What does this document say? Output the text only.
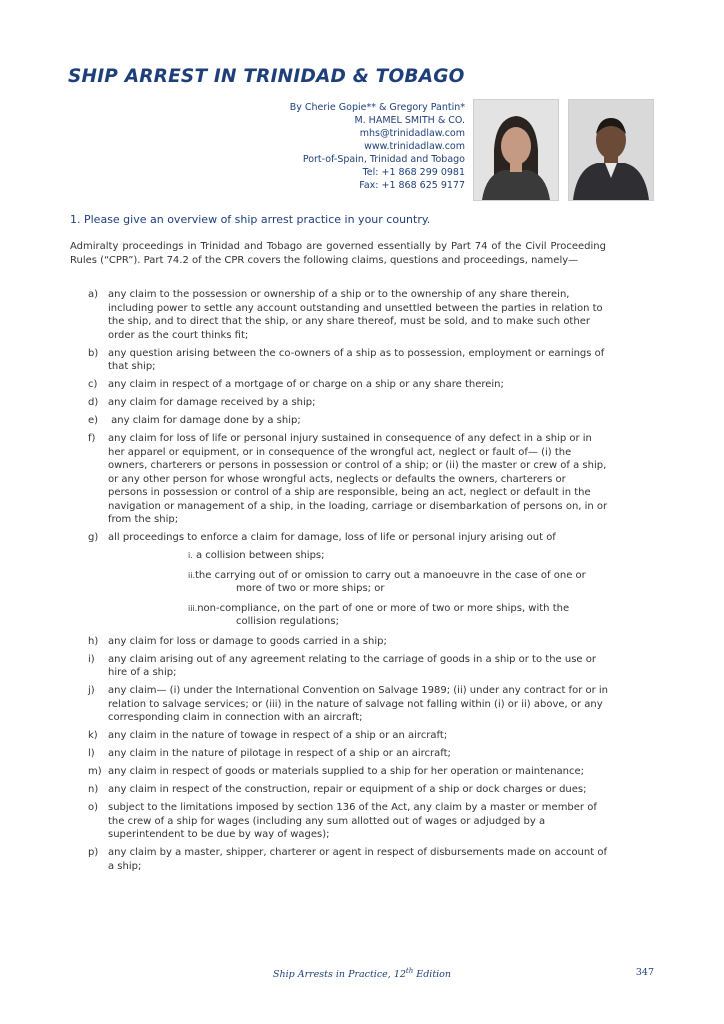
SHIP ARREST IN TRINIDAD & TOBAGO
By Cherie Gopie** & Gregory Pantin*
M. HAMEL SMITH & CO.
mhs@trinidadlaw.com
www.trinidadlaw.com
Port-of-Spain, Trinidad and Tobago
Tel: +1 868 299 0981
Fax: +1 868 625 9177
1. Please give an overview of ship arrest practice in your country.
Admiralty proceedings in Trinidad and Tobago are governed essentially by Part 74 of the Civil Proceeding Rules (“CPR”). Part 74.2 of the CPR covers the following claims, questions and proceedings, namely—
a) any claim to the possession or ownership of a ship or to the ownership of any share therein, including power to settle any account outstanding and unsettled between the parties in relation to the ship, and to direct that the ship, or any share thereof, must be sold, and to make such other order as the court thinks fit;
b) any question arising between the co-owners of a ship as to possession, employment or earnings of that ship;
c) any claim in respect of a mortgage of or charge on a ship or any share therein;
d) any claim for damage received by a ship;
e) any claim for damage done by a ship;
f) any claim for loss of life or personal injury sustained in consequence of any defect in a ship or in her apparel or equipment, or in consequence of the wrongful act, neglect or fault of— (i) the owners, charterers or persons in possession or control of a ship; or (ii) the master or crew of a ship, or any other person for whose wrongful acts, neglects or defaults the owners, charterers or persons in possession or control of a ship are responsible, being an act, neglect or default in the navigation or management of a ship, in the loading, carriage or disembarkation of persons on, in or from the ship;
g) all proceedings to enforce a claim for damage, loss of life or personal injury arising out of
i. a collision between ships;
ii.the carrying out of or omission to carry out a manoeuvre in the case of one or more of two or more ships; or
iii.non-compliance, on the part of one or more of two or more ships, with the collision regulations;
h) any claim for loss or damage to goods carried in a ship;
i) any claim arising out of any agreement relating to the carriage of goods in a ship or to the use or hire of a ship;
j) any claim— (i) under the International Convention on Salvage 1989; (ii) under any contract for or in relation to salvage services; or (iii) in the nature of salvage not falling within (i) or ii) above, or any corresponding claim in connection with an aircraft;
k) any claim in the nature of towage in respect of a ship or an aircraft;
l) any claim in the nature of pilotage in respect of a ship or an aircraft;
m) any claim in respect of goods or materials supplied to a ship for her operation or maintenance;
n) any claim in respect of the construction, repair or equipment of a ship or dock charges or dues;
o) subject to the limitations imposed by section 136 of the Act, any claim by a master or member of the crew of a ship for wages (including any sum allotted out of wages or adjudged by a superintendent to be due by way of wages);
p) any claim by a master, shipper, charterer or agent in respect of disbursements made on account of a ship;
Ship Arrests in Practice, 12th Edition	347
